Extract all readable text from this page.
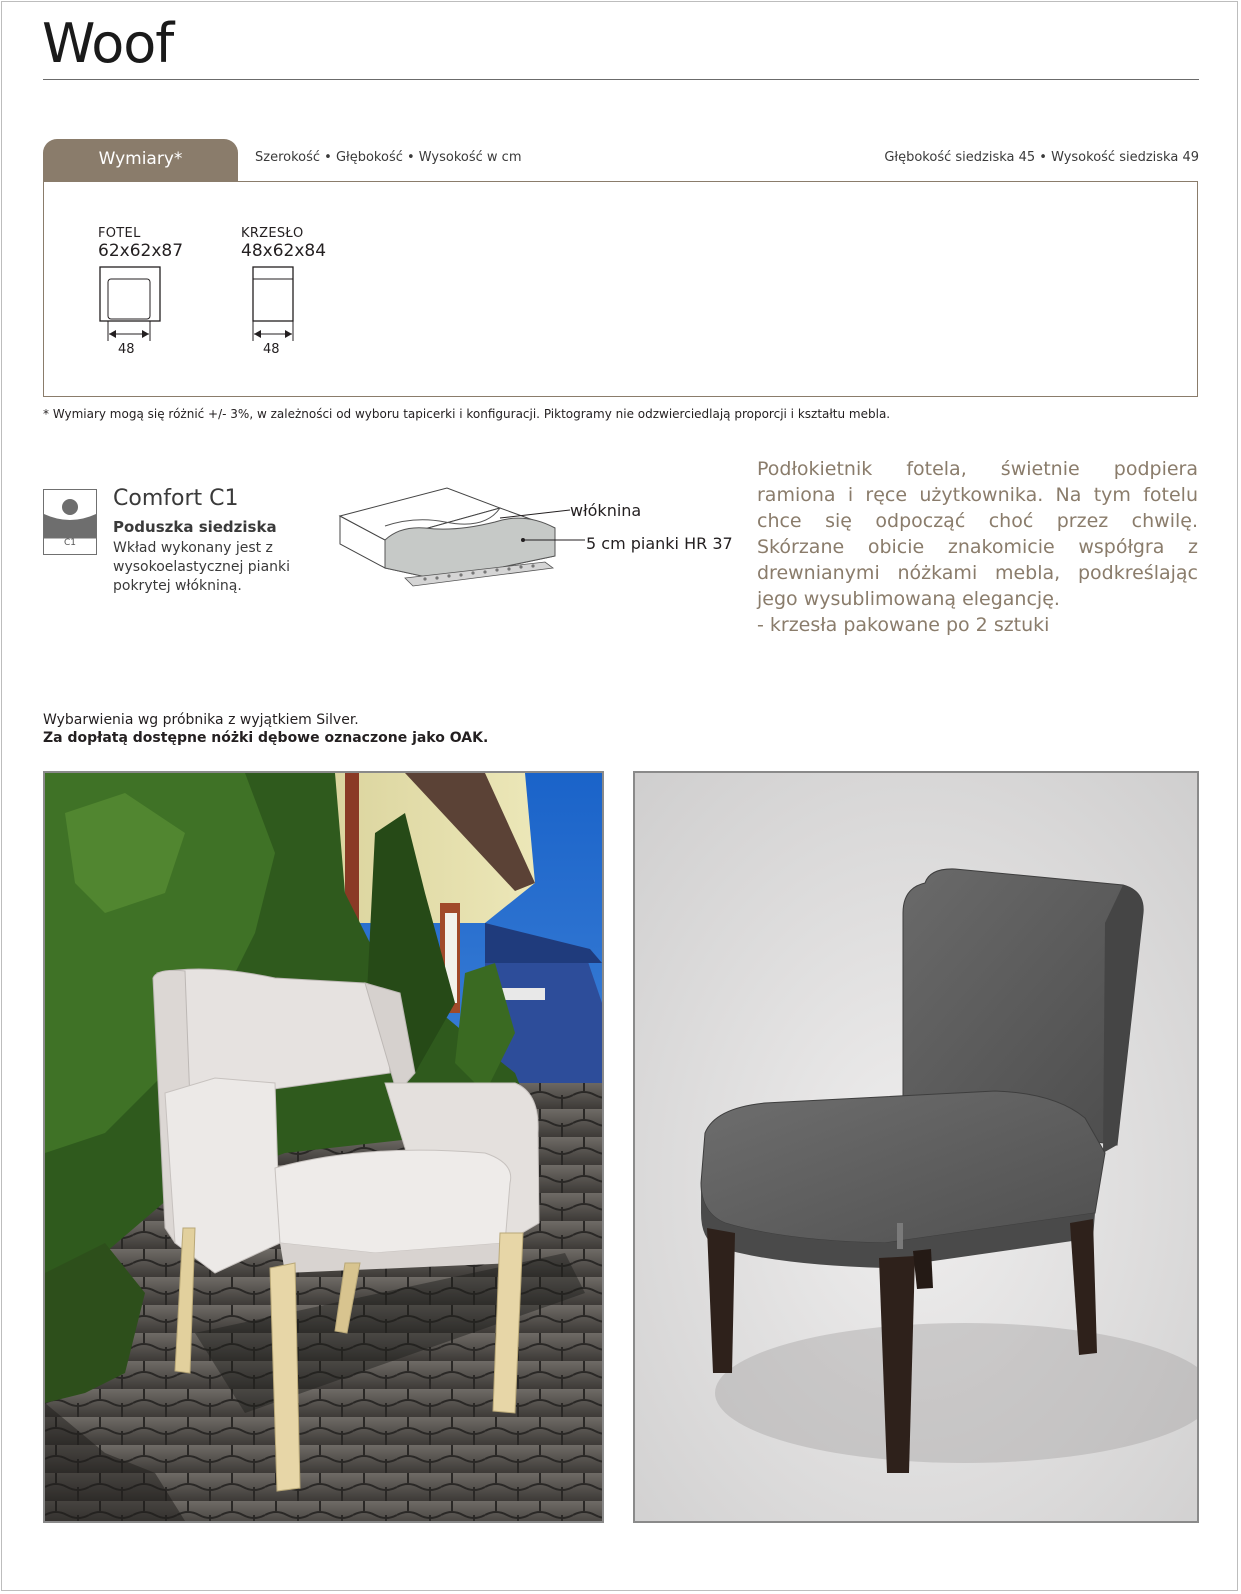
Woof
Wymiary*	Szerokość • Głębokość • Wysokość w cm	Głębokość siedziska 45 • Wysokość siedziska 49
FOTEL
62x62x87
48
KRZESŁO
48x62x84
48
* Wymiary mogą się różnić +/- 3%, w zależności od wyboru tapicerki i konfiguracji. Piktogramy nie odzwierciedlają proporcji i kształtu mebla.
C1
Comfort C1
Poduszka siedziska
Wkład wykonany jest z wysokoelastycznej pianki pokrytej włókniną.
włóknina
5 cm pianki HR 37
Podłokietnik fotela, świetnie podpiera ramiona i ręce użytkownika. Na tym fotelu chce się odpocząć choć przez chwilę. Skórzane obicie znakomicie współgra z drewnianymi nóżkami mebla, podkreślając jego wysublimowaną elegancję.
- krzesła pakowane po 2 sztuki
Wybarwienia wg próbnika z wyjątkiem Silver.
Za dopłatą dostępne nóżki dębowe oznaczone jako OAK.
